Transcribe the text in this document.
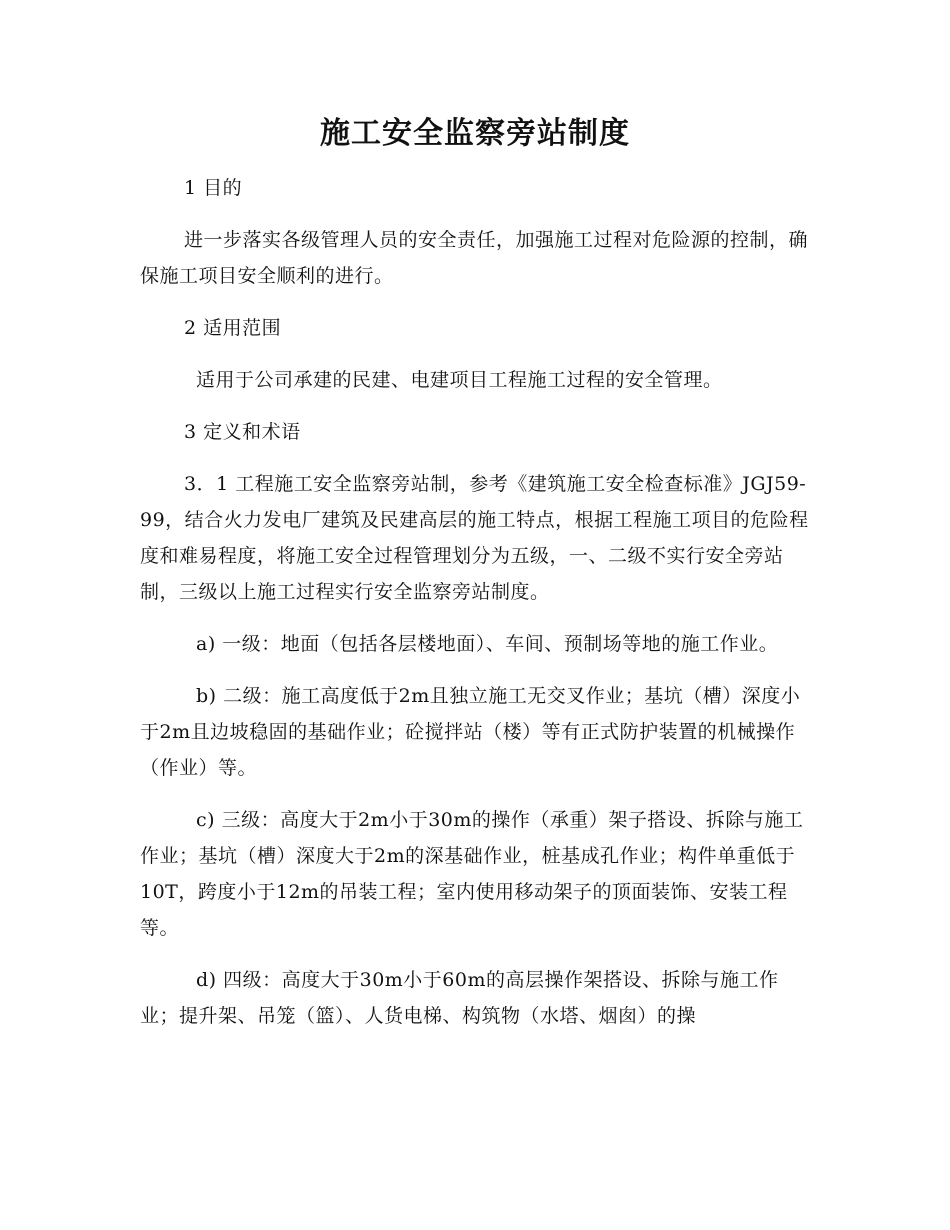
施工安全监察旁站制度

1 目的

进一步落实各级管理人员的安全责任，加强施工过程对危险源的控制，确保施工项目安全顺利的进行。

2 适用范围

适用于公司承建的民建、电建项目工程施工过程的安全管理。

3 定义和术语

3．1 工程施工安全监察旁站制，参考《建筑施工安全检查标准》JGJ59-99，结合火力发电厂建筑及民建高层的施工特点，根据工程施工项目的危险程度和难易程度，将施工安全过程管理划分为五级，一、二级不实行安全旁站制，三级以上施工过程实行安全监察旁站制度。

a) 一级：地面（包括各层楼地面）、车间、预制场等地的施工作业。

b) 二级：施工高度低于2m且独立施工无交叉作业；基坑（槽）深度小于2m且边坡稳固的基础作业；砼搅拌站（楼）等有正式防护装置的机械操作（作业）等。

c) 三级：高度大于2m小于30m的操作（承重）架子搭设、拆除与施工作业；基坑（槽）深度大于2m的深基础作业，桩基成孔作业；构件单重低于10T，跨度小于12m的吊装工程；室内使用移动架子的顶面装饰、安装工程等。

d) 四级：高度大于30m小于60m的高层操作架搭设、拆除与施工作业；提升架、吊笼（篮）、人货电梯、构筑物（水塔、烟囱）的操
